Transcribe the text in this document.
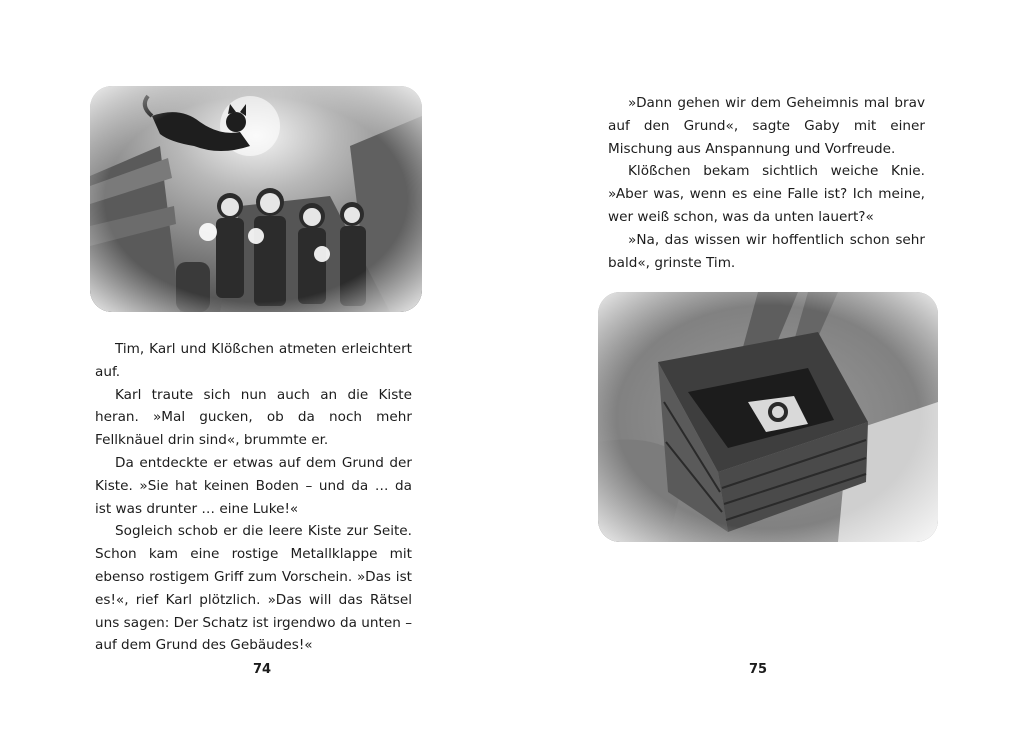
Tim, Karl und Klößchen atmeten erleichtert auf.

Karl traute sich nun auch an die Kiste heran. »Mal gucken, ob da noch mehr Fellknäuel drin sind«, brummte er.

Da entdeckte er etwas auf dem Grund der Kiste. »Sie hat keinen Boden – und da … da ist was drunter … eine Luke!«

Sogleich schob er die leere Kiste zur Seite. Schon kam eine rostige Metallklappe mit ebenso rostigem Griff zum Vorschein. »Das ist es!«, rief Karl plötzlich. »Das will das Rätsel uns sagen: Der Schatz ist irgendwo da unten – auf dem Grund des Gebäudes!«

74

»Dann gehen wir dem Geheimnis mal brav auf den Grund«, sagte Gaby mit einer Mischung aus Anspannung und Vorfreude.

Klößchen bekam sichtlich weiche Knie. »Aber was, wenn es eine Falle ist? Ich meine, wer weiß schon, was da unten lauert?«

»Na, das wissen wir hoffentlich schon sehr bald«, grinste Tim.

75
